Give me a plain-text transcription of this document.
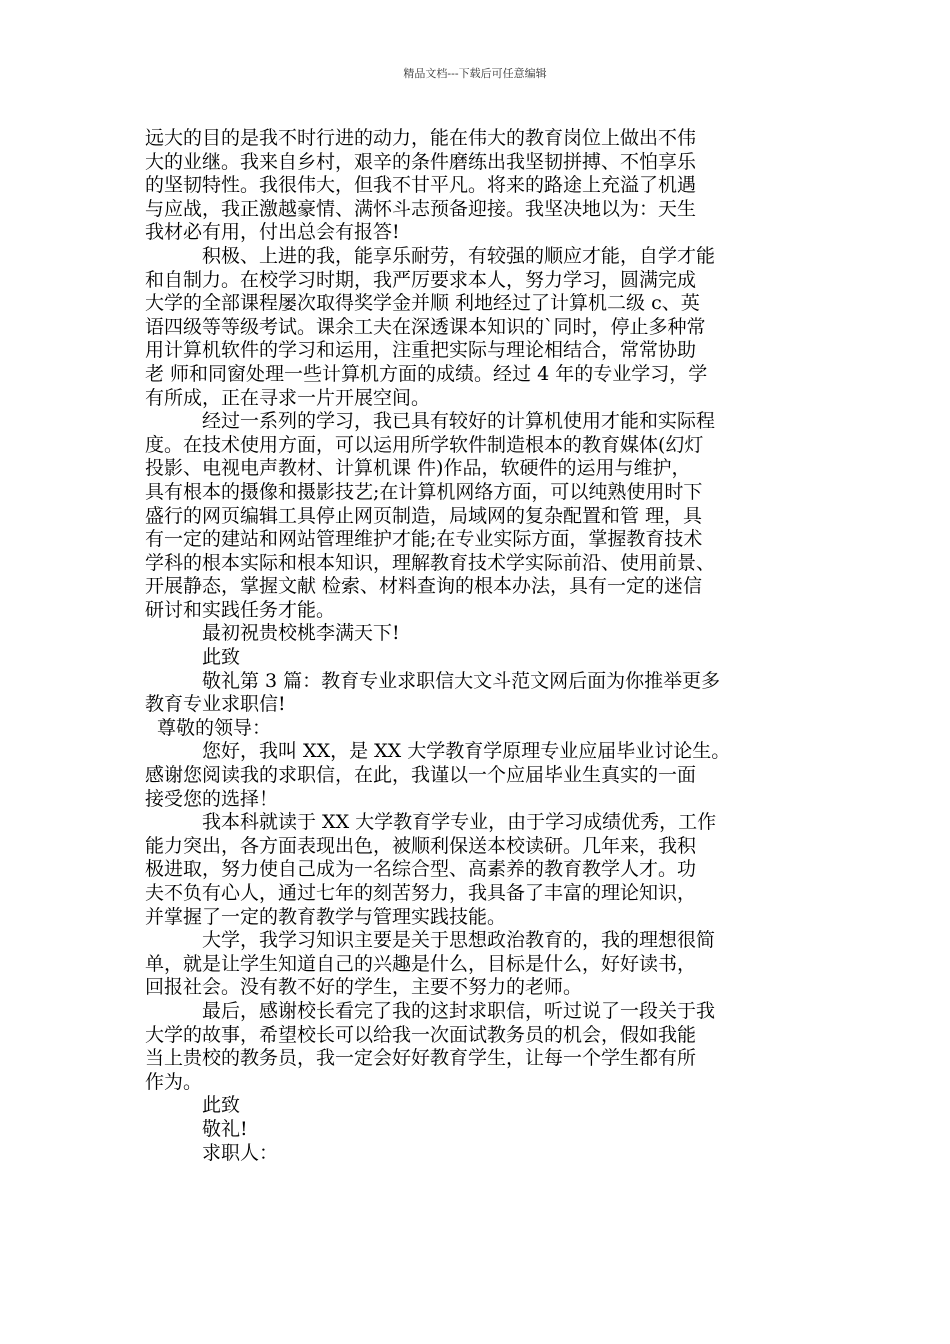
精品文档---下载后可任意编辑
远大的目的是我不时行进的动力，能在伟大的教育岗位上做出不伟
大的业继。我来自乡村，艰辛的条件磨练出我坚韧拼搏、不怕享乐
的坚韧特性。我很伟大，但我不甘平凡。将来的路途上充溢了机遇
与应战，我正激越豪情、满怀斗志预备迎接。我坚决地以为：天生
我材必有用，付出总会有报答!
积极、上进的我，能享乐耐劳，有较强的顺应才能，自学才能
和自制力。在校学习时期，我严厉要求本人，努力学习，圆满完成
大学的全部课程屡次取得奖学金并顺 利地经过了计算机二级 c、英
语四级等等级考试。课余工夫在深透课本知识的`同时，停止多种常
用计算机软件的学习和运用，注重把实际与理论相结合，常常协助
老 师和同窗处理一些计算机方面的成绩。经过 4 年的专业学习，学
有所成，正在寻求一片开展空间。
经过一系列的学习，我已具有较好的计算机使用才能和实际程
度。在技术使用方面，可以运用所学软件制造根本的教育媒体(幻灯
投影、电视电声教材、计算机课 件)作品，软硬件的运用与维护，
具有根本的摄像和摄影技艺;在计算机网络方面，可以纯熟使用时下
盛行的网页编辑工具停止网页制造，局域网的复杂配置和管 理，具
有一定的建站和网站管理维护才能;在专业实际方面，掌握教育技术
学科的根本实际和根本知识，理解教育技术学实际前沿、使用前景、
开展静态，掌握文献 检索、材料查询的根本办法，具有一定的迷信
研讨和实践任务才能。
最初祝贵校桃李满天下!
此致
敬礼第 3 篇：教育专业求职信大文斗范文网后面为你推举更多
教育专业求职信!
尊敬的领导：
您好，我叫 XX，是 XX 大学教育学原理专业应届毕业讨论生。
感谢您阅读我的求职信，在此，我谨以一个应届毕业生真实的一面
接受您的选择！
我本科就读于 XX 大学教育学专业，由于学习成绩优秀，工作
能力突出，各方面表现出色，被顺利保送本校读研。几年来，我积
极进取，努力使自己成为一名综合型、高素养的教育教学人才。功
夫不负有心人，通过七年的刻苦努力，我具备了丰富的理论知识，
并掌握了一定的教育教学与管理实践技能。
大学，我学习知识主要是关于思想政治教育的，我的理想很简
单，就是让学生知道自己的兴趣是什么，目标是什么，好好读书，
回报社会。没有教不好的学生，主要不努力的老师。
最后，感谢校长看完了我的这封求职信，听过说了一段关于我
大学的故事，希望校长可以给我一次面试教务员的机会，假如我能
当上贵校的教务员，我一定会好好教育学生，让每一个学生都有所
作为。
此致
敬礼!
求职人：
